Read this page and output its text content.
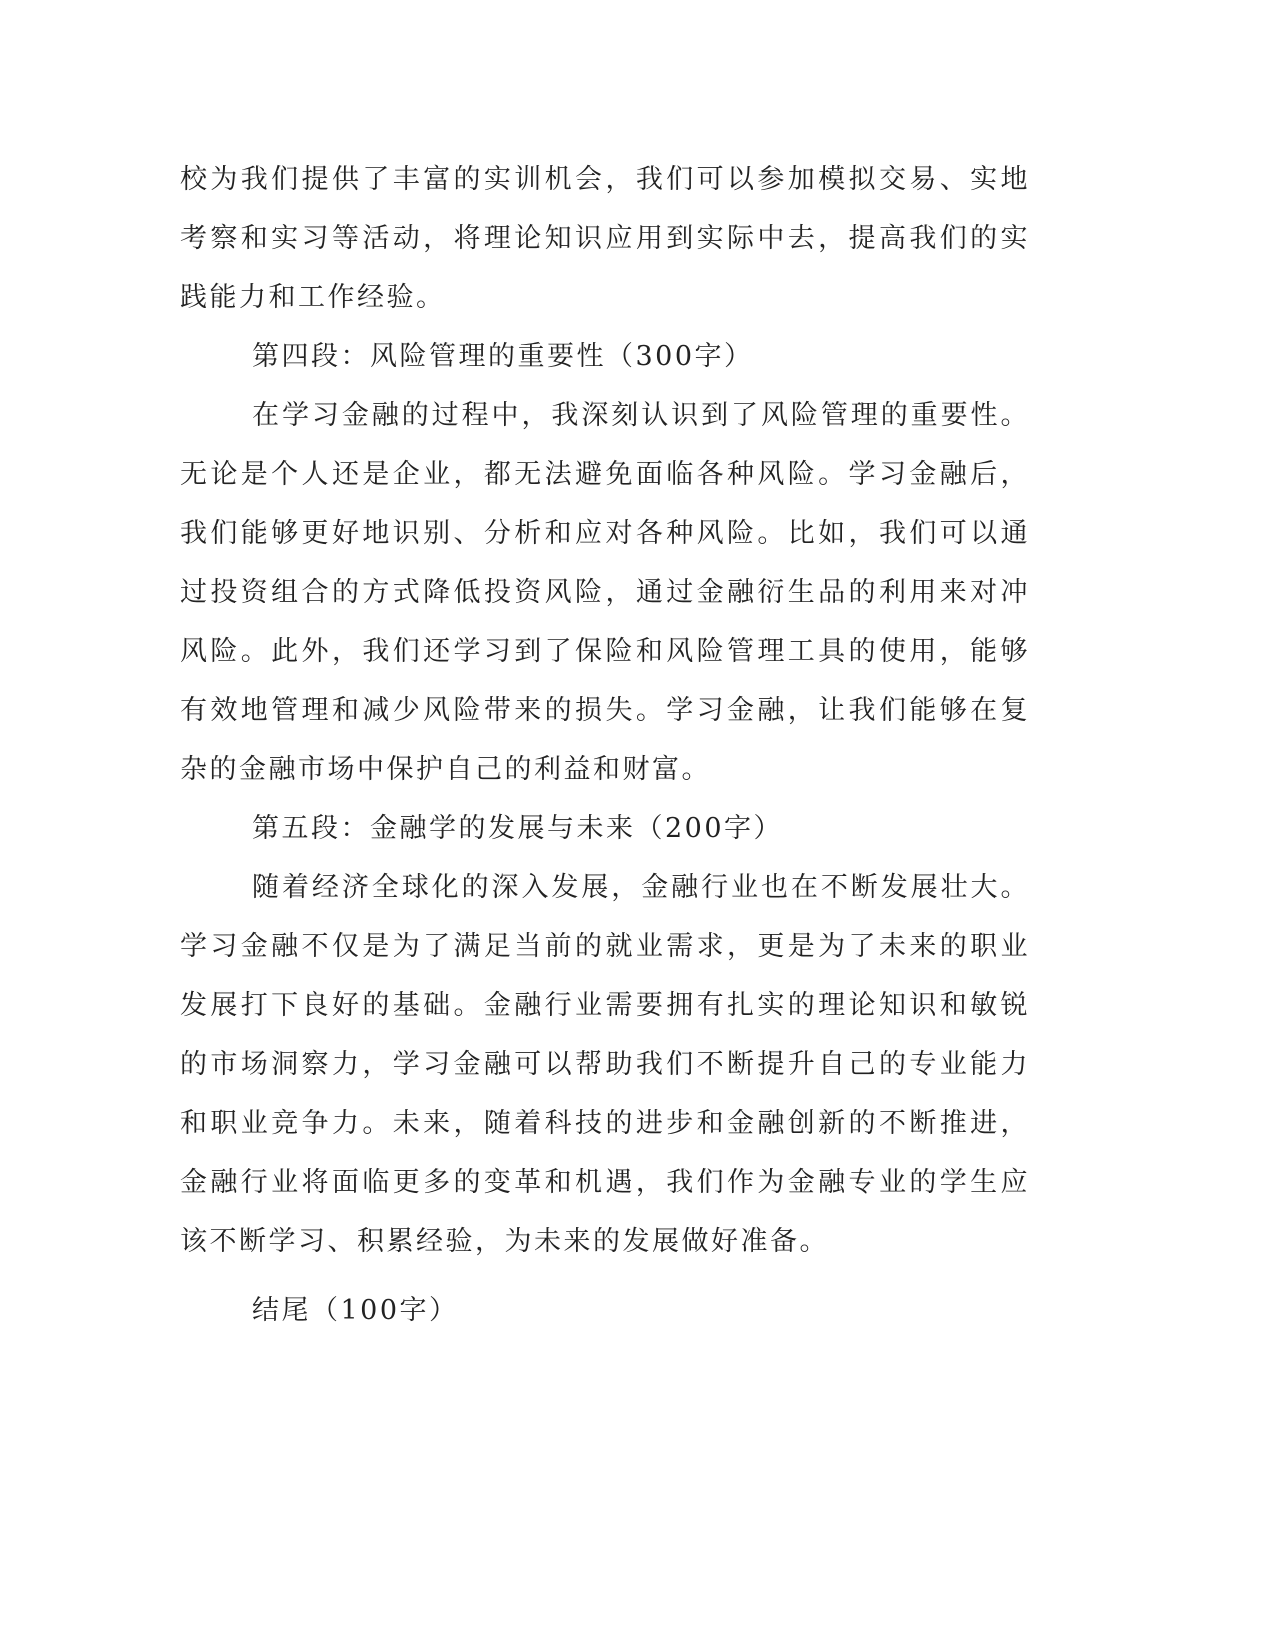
校为我们提供了丰富的实训机会，我们可以参加模拟交易、实地考察和实习等活动，将理论知识应用到实际中去，提高我们的实践能力和工作经验。

第四段：风险管理的重要性（300字）

在学习金融的过程中，我深刻认识到了风险管理的重要性。无论是个人还是企业，都无法避免面临各种风险。学习金融后，我们能够更好地识别、分析和应对各种风险。比如，我们可以通过投资组合的方式降低投资风险，通过金融衍生品的利用来对冲风险。此外，我们还学习到了保险和风险管理工具的使用，能够有效地管理和减少风险带来的损失。学习金融，让我们能够在复杂的金融市场中保护自己的利益和财富。

第五段：金融学的发展与未来（200字）

随着经济全球化的深入发展，金融行业也在不断发展壮大。学习金融不仅是为了满足当前的就业需求，更是为了未来的职业发展打下良好的基础。金融行业需要拥有扎实的理论知识和敏锐的市场洞察力，学习金融可以帮助我们不断提升自己的专业能力和职业竞争力。未来，随着科技的进步和金融创新的不断推进，金融行业将面临更多的变革和机遇，我们作为金融专业的学生应该不断学习、积累经验，为未来的发展做好准备。

结尾（100字）
